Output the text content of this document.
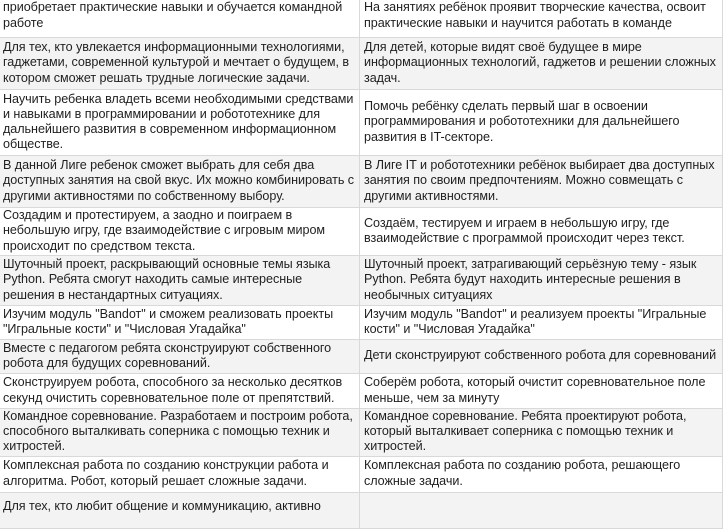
приобретает практические навыки и обучается командной работе	На занятиях ребёнок проявит творческие качества, освоит практические навыки и научится работать в команде
Для тех, кто увлекается информационными технологиями, гаджетами, современной культурой и мечтает о будущем, в котором сможет решать трудные логические задачи.	Для детей, которые видят своё будущее в мире информационных технологий, гаджетов и решении сложных задач.
Научить ребенка владеть всеми необходимыми средствами и навыками в программировании и робототехнике для дальнейшего развития в современном информационном обществе.	Помочь ребёнку сделать первый шаг в освоении программирования и робототехники для дальнейшего развития в IT-секторе.
В данной Лиге ребенок сможет выбрать для себя два доступных занятия на свой вкус. Их можно комбинировать с другими активностями по собственному выбору.	В Лиге IT и робототехники ребёнок выбирает два доступных занятия по своим предпочтениям. Можно совмещать с другими активностями.
Создадим и протестируем, а заодно и поиграем в небольшую игру, где взаимодействие с игровым миром происходит по средством текста.	Создаём, тестируем и играем в небольшую игру, где взаимодействие с программой происходит через текст.
Шуточный проект, раскрывающий основные темы языка Python. Ребята смогут находить самые интересные решения в нестандартных ситуациях.	Шуточный проект, затрагивающий серьёзную тему - язык Python. Ребята будут находить интересные решения в необычных ситуациях
Изучим модуль "Ваndот" и сможем реализовать проекты "Игральные кости" и "Числовая Угадайка"	Изучим модуль "Ваndот" и реализуем проекты "Игральные кости" и "Числовая Угадайка"
Вместе с педагогом ребята сконструируют собственного робота для будущих соревнований.	Дети сконструируют собственного робота для соревнований
Сконструируем робота, способного за несколько десятков секунд очистить соревновательное поле от препятствий.	Соберём робота, который очистит соревновательное поле меньше, чем за минуту
Командное соревнование. Разработаем и построим робота, способного выталкивать соперника с помощью техник и хитростей.	Командное соревнование. Ребята проектируют робота, который выталкивает соперника с помощью техник и хитростей.
Комплексная работа по созданию конструкции работа и алгоритма. Робот, который решает сложные задачи.	Комплексная работа по созданию робота, решающего сложные задачи.
Для тех, кто любит общение и коммуникацию, активно	
